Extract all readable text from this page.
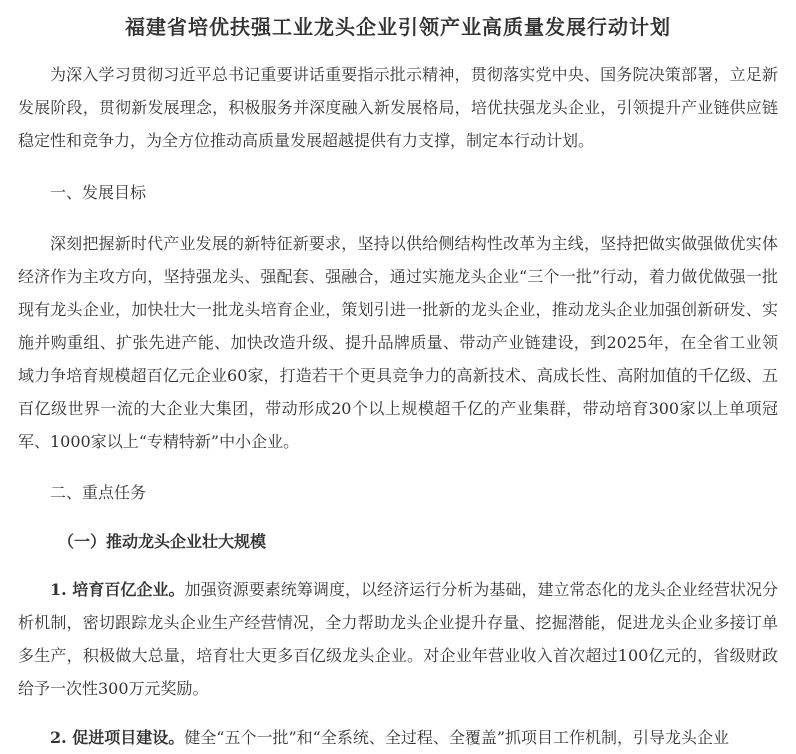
福建省培优扶强工业龙头企业引领产业高质量发展行动计划

为深入学习贯彻习近平总书记重要讲话重要指示批示精神，贯彻落实党中央、国务院决策部署，立足新发展阶段，贯彻新发展理念，积极服务并深度融入新发展格局，培优扶强龙头企业，引领提升产业链供应链稳定性和竞争力，为全方位推动高质量发展超越提供有力支撑，制定本行动计划。

一、发展目标

深刻把握新时代产业发展的新特征新要求，坚持以供给侧结构性改革为主线，坚持把做实做强做优实体经济作为主攻方向，坚持强龙头、强配套、强融合，通过实施龙头企业“三个一批”行动，着力做优做强一批现有龙头企业，加快壮大一批龙头培育企业，策划引进一批新的龙头企业，推动龙头企业加强创新研发、实施并购重组、扩张先进产能、加快改造升级、提升品牌质量、带动产业链建设，到2025年，在全省工业领域力争培育规模超百亿元企业60家，打造若干个更具竞争力的高新技术、高成长性、高附加值的千亿级、五百亿级世界一流的大企业大集团，带动形成20个以上规模超千亿的产业集群，带动培育300家以上单项冠军、1000家以上“专精特新”中小企业。

二、重点任务

（一）推动龙头企业壮大规模

1. 培育百亿企业。加强资源要素统筹调度，以经济运行分析为基础，建立常态化的龙头企业经营状况分析机制，密切跟踪龙头企业生产经营情况，全力帮助龙头企业提升存量、挖掘潜能，促进龙头企业多接订单多生产，积极做大总量，培育壮大更多百亿级龙头企业。对企业年营业收入首次超过100亿元的，省级财政给予一次性300万元奖励。

2. 促进项目建设。健全“五个一批”和“全系统、全过程、全覆盖”抓项目工作机制，引导龙头企业
